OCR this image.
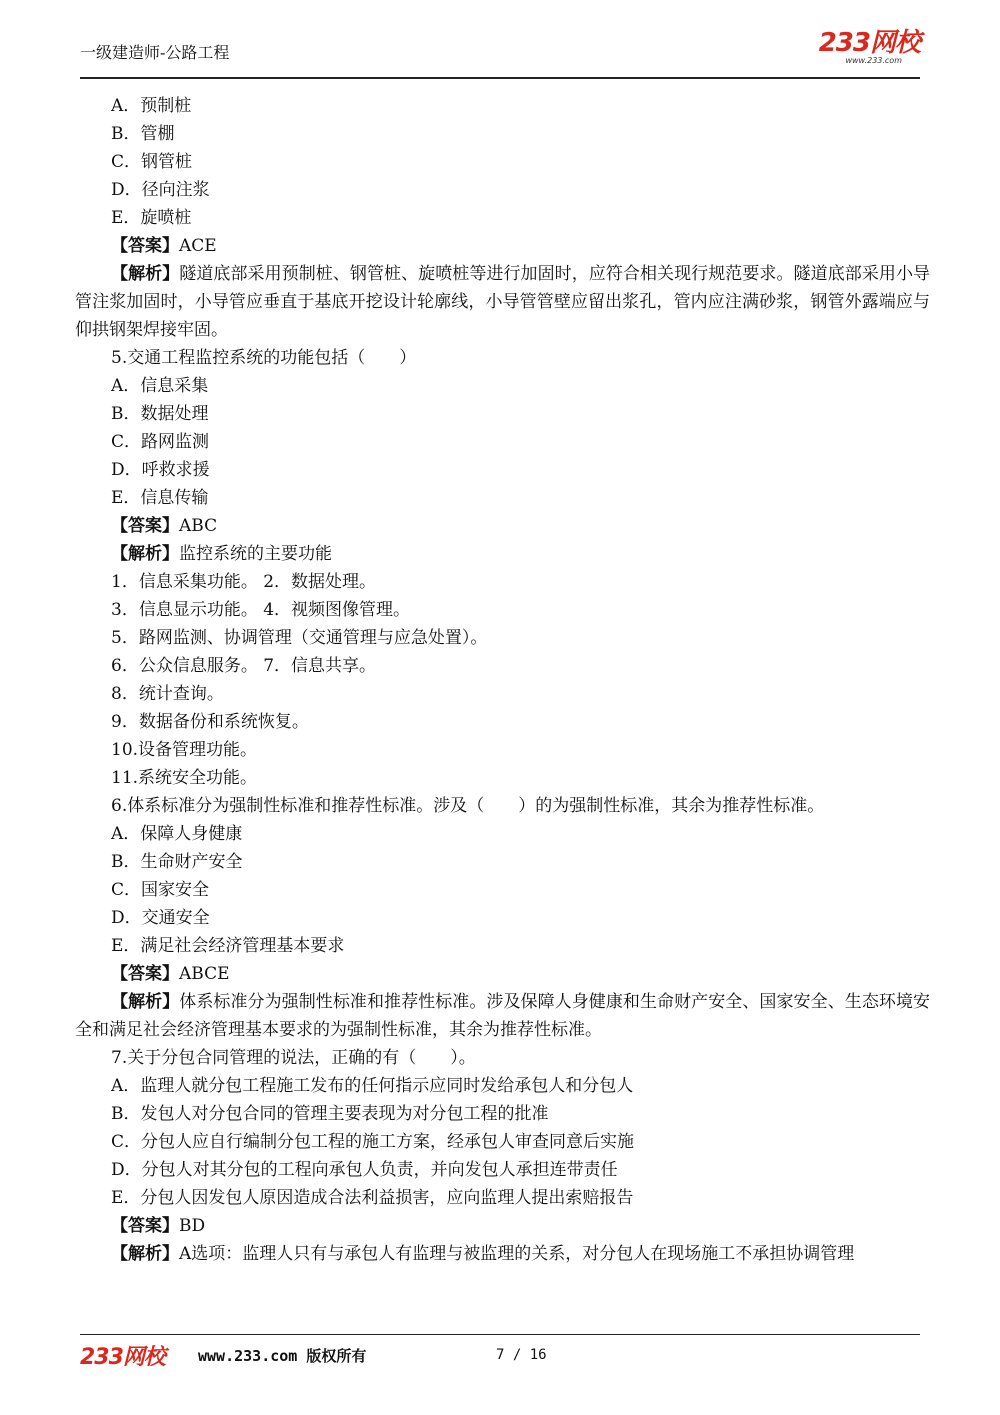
一级建造师-公路工程	233网校
www.233.com
A．预制桩
B．管棚
C．钢管桩
D．径向注浆
E．旋喷桩
【答案】ACE
【解析】隧道底部采用预制桩、钢管桩、旋喷桩等进行加固时，应符合相关现行规范要求。隧道底部采用小导管注浆加固时，小导管应垂直于基底开挖设计轮廓线，小导管管壁应留出浆孔，管内应注满砂浆，钢管外露端应与仰拱钢架焊接牢固。
5.交通工程监控系统的功能包括（　　）
A．信息采集
B．数据处理
C．路网监测
D．呼救求援
E．信息传输
【答案】ABC
【解析】监控系统的主要功能
1．信息采集功能。 2．数据处理。
3．信息显示功能。 4．视频图像管理。
5．路网监测、协调管理（交通管理与应急处置）。
6．公众信息服务。 7．信息共享。
8．统计查询。
9．数据备份和系统恢复。
10.设备管理功能。
11.系统安全功能。
6.体系标准分为强制性标准和推荐性标准。涉及（　　）的为强制性标准，其余为推荐性标准。
A．保障人身健康
B．生命财产安全
C．国家安全
D．交通安全
E．满足社会经济管理基本要求
【答案】ABCE
【解析】体系标准分为强制性标准和推荐性标准。涉及保障人身健康和生命财产安全、国家安全、生态环境安全和满足社会经济管理基本要求的为强制性标准，其余为推荐性标准。
7.关于分包合同管理的说法，正确的有（　　）。
A．监理人就分包工程施工发布的任何指示应同时发给承包人和分包人
B．发包人对分包合同的管理主要表现为对分包工程的批准
C．分包人应自行编制分包工程的施工方案，经承包人审查同意后实施
D．分包人对其分包的工程向承包人负责，并向发包人承担连带责任
E．分包人因发包人原因造成合法利益损害，应向监理人提出索赔报告
【答案】BD
【解析】A选项：监理人只有与承包人有监理与被监理的关系，对分包人在现场施工不承担协调管理
233网校 www.233.com 版权所有	7 / 16
